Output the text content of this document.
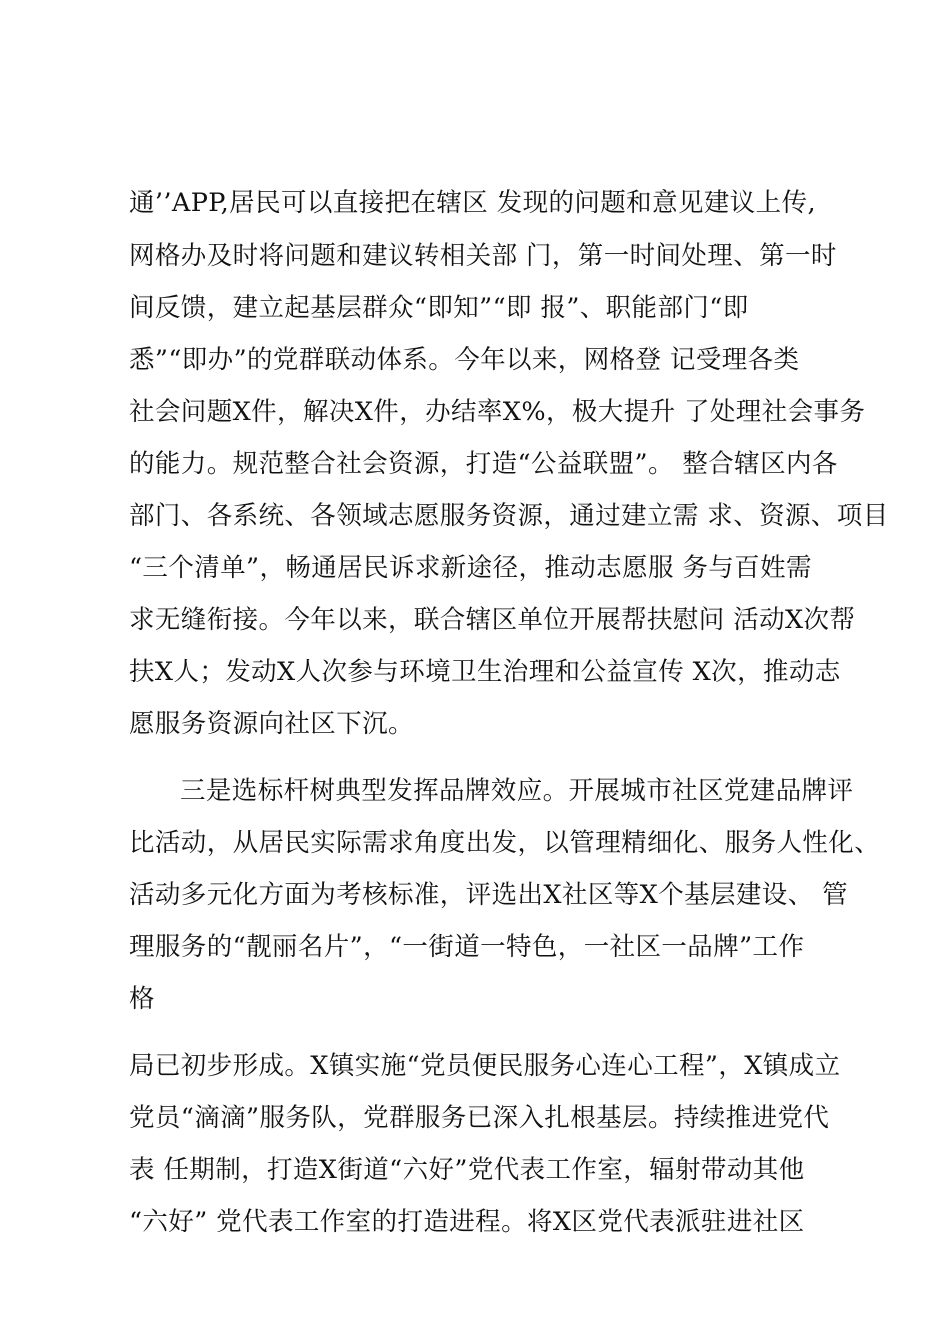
通’’APP,居民可以直接把在辖区 发现的问题和意见建议上传,
网格办及时将问题和建议转相关部 门，第一时间处理、第一时
间反馈，建立起基层群众“即知”“即 报”、职能部门“即
悉”“即办”的党群联动体系。今年以来，网格登 记受理各类
社会问题X件，解决X件，办结率X%，极大提升 了处理社会事务
的能力。规范整合社会资源，打造“公益联盟”。 整合辖区内各
部门、各系统、各领域志愿服务资源，通过建立需 求、资源、项目
“三个清单”，畅通居民诉求新途径，推动志愿服 务与百姓需
求无缝衔接。今年以来，联合辖区单位开展帮扶慰问 活动X次帮
扶X人；发动X人次参与环境卫生治理和公益宣传 X次，推动志
愿服务资源向社区下沉。
三是选标杆树典型发挥品牌效应。开展城市社区党建品牌评
比活动，从居民实际需求角度出发，以管理精细化、服务人性化、
活动多元化方面为考核标准，评选出X社区等X个基层建设、 管
理服务的“靓丽名片”，“一街道一特色，一社区一品牌”工作
格
局已初步形成。X镇实施“党员便民服务心连心工程”，X镇成立
党员“滴滴”服务队，党群服务已深入扎根基层。持续推进党代
表 任期制，打造X街道“六好”党代表工作室，辐射带动其他
“六好” 党代表工作室的打造进程。将X区党代表派驻进社区
